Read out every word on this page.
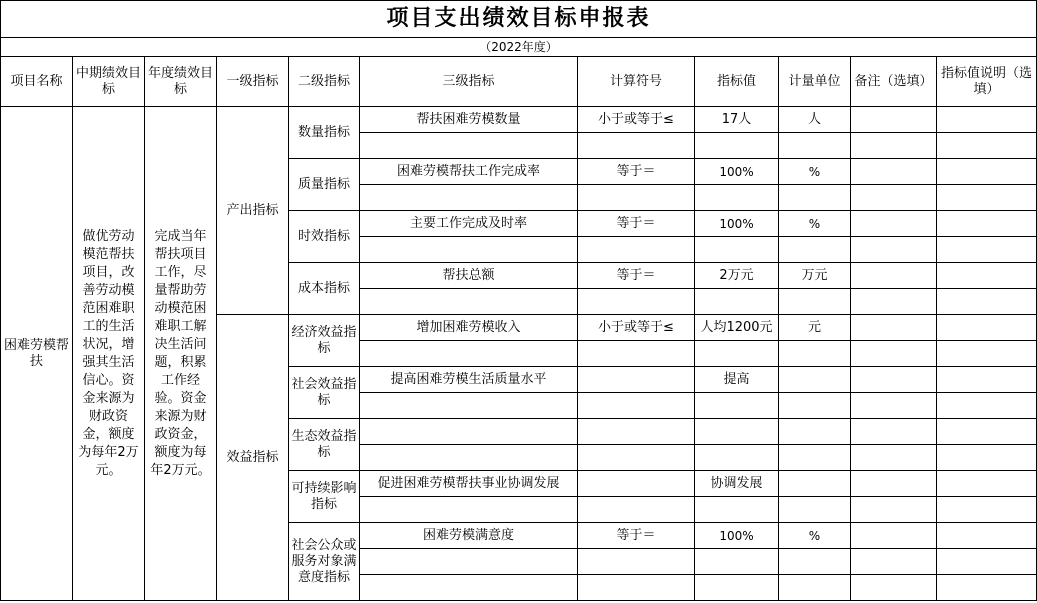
项目支出绩效目标申报表										
（2022年度）										
项目名称	中期绩效目标	年度绩效目标	一级指标	二级指标	三级指标	计算符号	指标值	计量单位	备注（选填）	指标值说明（选填）
困难劳模帮扶	做优劳动模范帮扶项目，改善劳动模范困难职工的生活状况，增强其生活信心。资金来源为财政资金，额度为每年2万元。	完成当年帮扶项目工作，尽量帮助劳动模范困难职工解决生活问题，积累工作经验。资金来源为财政资金，额度为每年2万元。	产出指标	数量指标	帮扶困难劳模数量	小于或等于≤	17人	人		

				质量指标	困难劳模帮扶工作完成率	等于＝	100%	%		

				时效指标	主要工作完成及时率	等于＝	100%	%		

				成本指标	帮扶总额	等于＝	2万元	万元		

			效益指标	经济效益指标	增加困难劳模收入	小于或等于≤	人均1200元	元		

				社会效益指标	提高困难劳模生活质量水平		提高			

				生态效益指标						

				可持续影响指标	促进困难劳模帮扶事业协调发展		协调发展			

				社会公众或服务对象满意度指标	困难劳模满意度	等于＝	100%	%		
